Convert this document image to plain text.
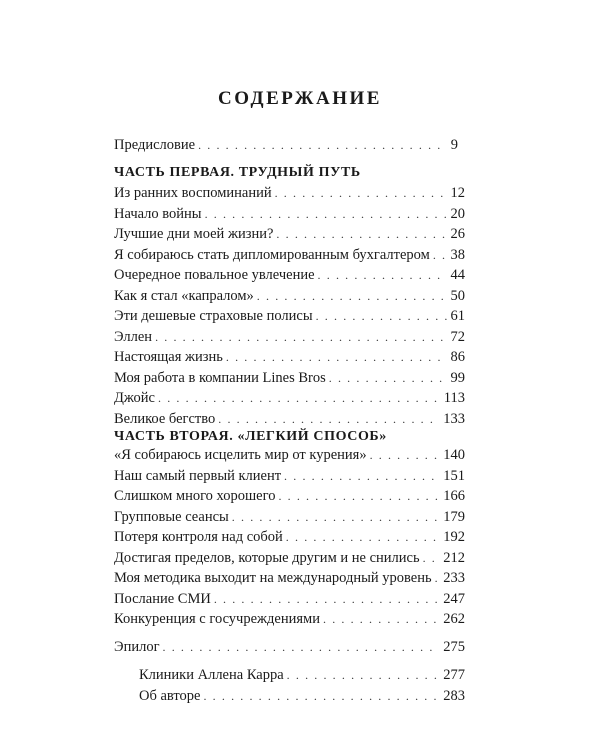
СОДЕРЖАНИЕ
Предисловие . . .	9
ЧАСТЬ ПЕРВАЯ. ТРУДНЫЙ ПУТЬ
Из ранних воспоминаний . . .	12
Начало войны . . .	20
Лучшие дни моей жизни? . . .	26
Я собираюсь стать дипломированным бухгалтером . . . 38
Очередное повальное увлечение . . .	44
Как я стал «капралом» . . .	50
Эти дешевые страховые полисы . . .	61
Эллен . . .	72
Настоящая жизнь . . .	86
Моя работа в компании Lines Bros . . .	99
Джойс . . .	113
Великое бегство . . .	133
ЧАСТЬ ВТОРАЯ. «ЛЕГКИЙ СПОСОБ»
«Я собираюсь исцелить мир от курения» . . .	140
Наш самый первый клиент . . .	151
Слишком много хорошего . . .	166
Групповые сеансы . . .	179
Потеря контроля над собой . . .	192
Достигая пределов, которые другим и не снились . . . 212
Моя методика выходит на международный уровень . . . 233
Послание СМИ . . .	247
Конкуренция с госучреждениями . . .	262
Эпилог . . .	275
Клиники Аллена Карра . . .	277
Об авторе . . .	283
